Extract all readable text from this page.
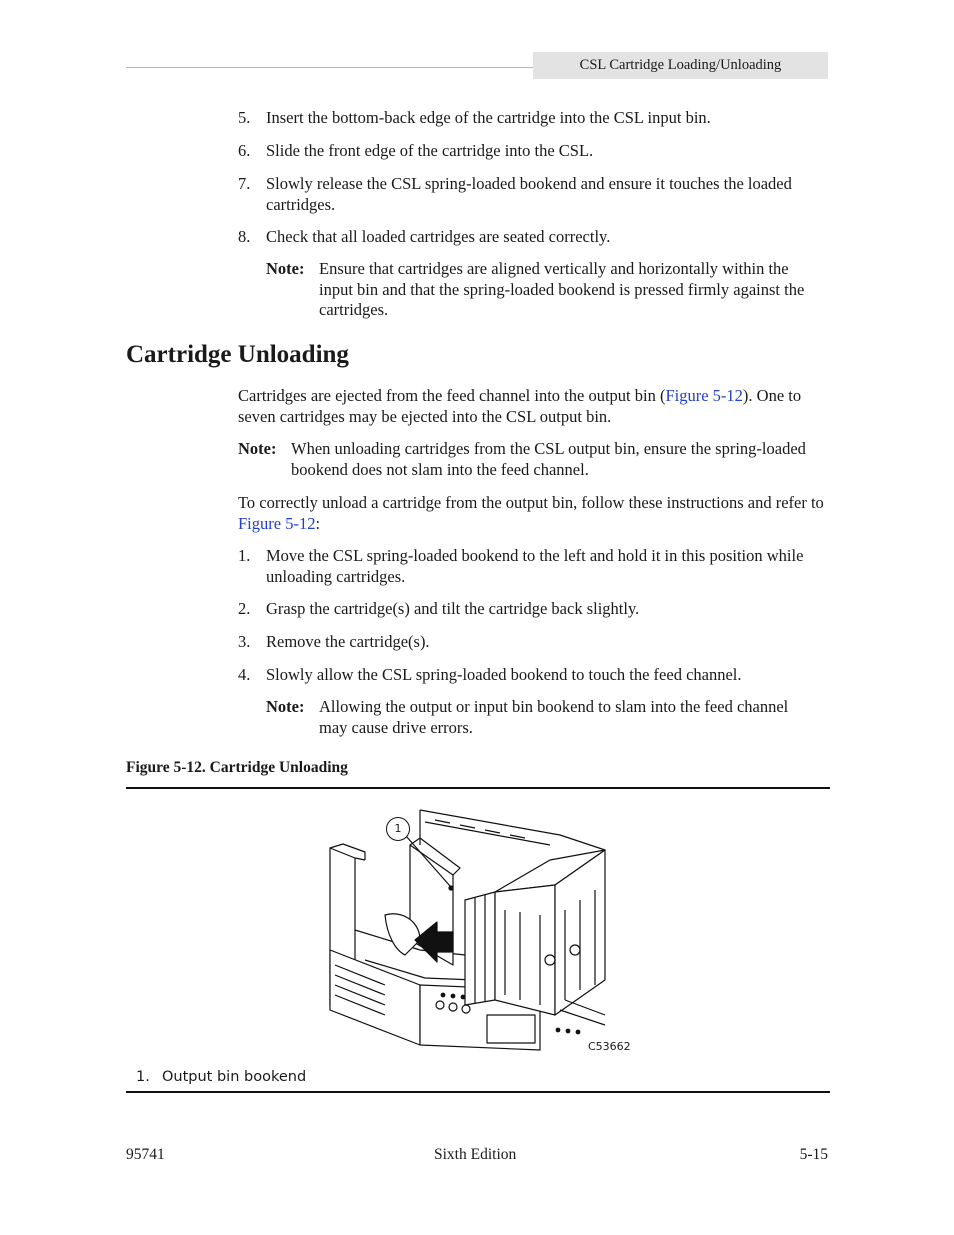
CSL Cartridge Loading/Unloading
5. Insert the bottom-back edge of the cartridge into the CSL input bin.
6. Slide the front edge of the cartridge into the CSL.
7. Slowly release the CSL spring-loaded bookend and ensure it touches the loaded cartridges.
8. Check that all loaded cartridges are seated correctly.
Note: Ensure that cartridges are aligned vertically and horizontally within the input bin and that the spring-loaded bookend is pressed firmly against the cartridges.
Cartridge Unloading
Cartridges are ejected from the feed channel into the output bin (Figure 5-12). One to seven cartridges may be ejected into the CSL output bin.
Note: When unloading cartridges from the CSL output bin, ensure the spring-loaded bookend does not slam into the feed channel.
To correctly unload a cartridge from the output bin, follow these instructions and refer to Figure 5-12:
1. Move the CSL spring-loaded bookend to the left and hold it in this position while unloading cartridges.
2. Grasp the cartridge(s) and tilt the cartridge back slightly.
3. Remove the cartridge(s).
4. Slowly allow the CSL spring-loaded bookend to touch the feed channel.
Note: Allowing the output or input bin bookend to slam into the feed channel may cause drive errors.
Figure 5-12. Cartridge Unloading
1
C53662
1. Output bin bookend
95741	Sixth Edition	5-15
